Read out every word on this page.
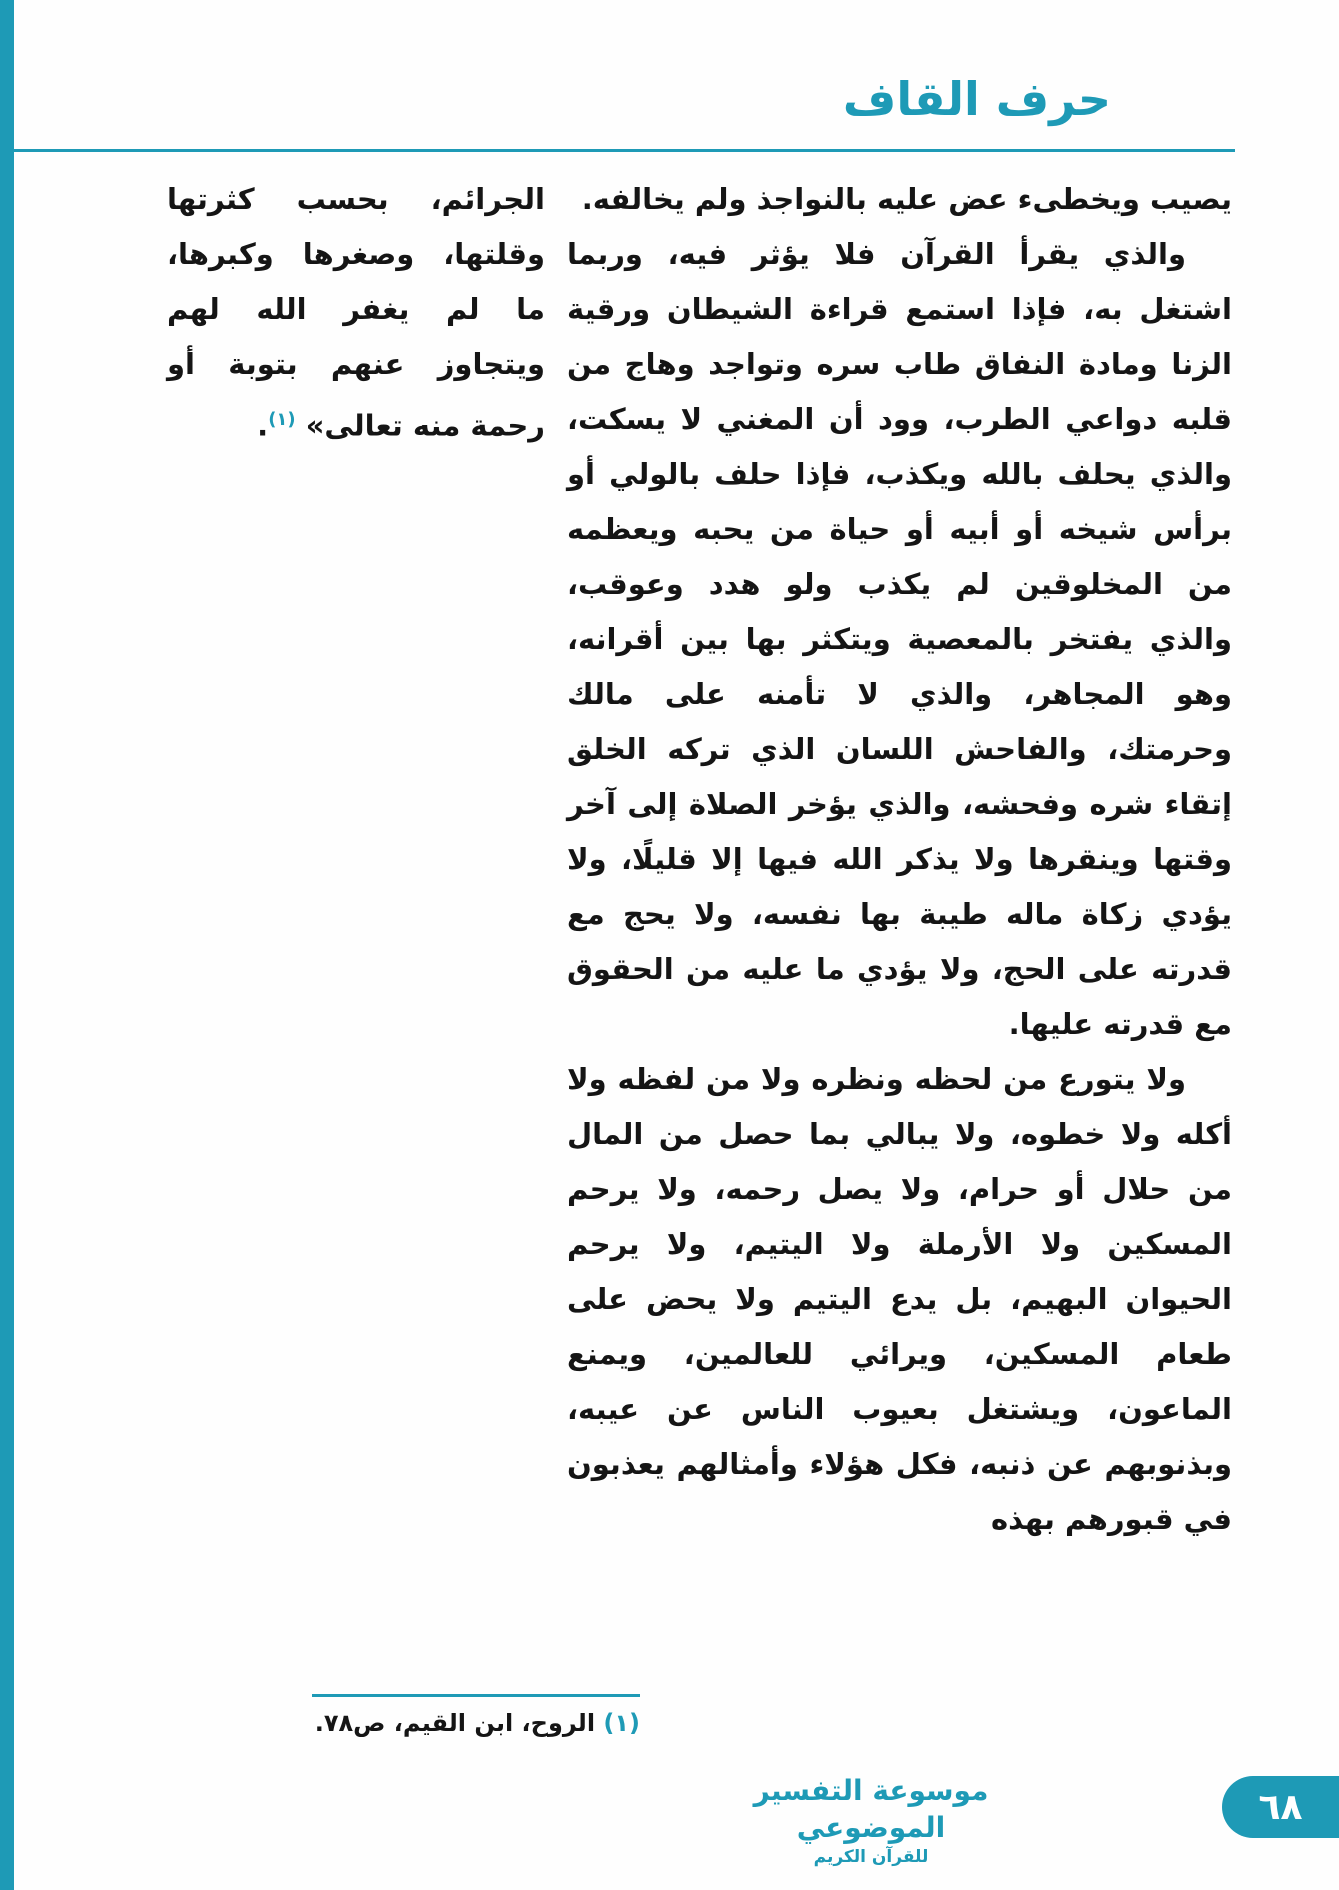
حرف القاف

يصيب ويخطىء عض عليه بالنواجذ ولم يخالفه.

والذي يقرأ القرآن فلا يؤثر فيه، وربما اشتغل به، فإذا استمع قراءة الشيطان ورقية الزنا ومادة النفاق طاب سره وتواجد وهاج من قلبه دواعي الطرب، وود أن المغني لا يسكت، والذي يحلف بالله ويكذب، فإذا حلف بالولي أو برأس شيخه أو أبيه أو حياة من يحبه ويعظمه من المخلوقين لم يكذب ولو هدد وعوقب، والذي يفتخر بالمعصية ويتكثر بها بين أقرانه، وهو المجاهر، والذي لا تأمنه على مالك وحرمتك، والفاحش اللسان الذي تركه الخلق إتقاء شره وفحشه، والذي يؤخر الصلاة إلى آخر وقتها وينقرها ولا يذكر الله فيها إلا قليلًا، ولا يؤدي زكاة ماله طيبة بها نفسه، ولا يحج مع قدرته على الحج، ولا يؤدي ما عليه من الحقوق مع قدرته عليها.

ولا يتورع من لحظه ونظره ولا من لفظه ولا أكله ولا خطوه، ولا يبالي بما حصل من المال من حلال أو حرام، ولا يصل رحمه، ولا يرحم المسكين ولا الأرملة ولا اليتيم، ولا يرحم الحيوان البهيم، بل يدع اليتيم ولا يحض على طعام المسكين، ويرائي للعالمين، ويمنع الماعون، ويشتغل بعيوب الناس عن عيبه، وبذنوبهم عن ذنبه، فكل هؤلاء وأمثالهم يعذبون في قبورهم بهذه

الجرائم، بحسب كثرتها وقلتها، وصغرها وكبرها، ما لم يغفر الله لهم ويتجاوز عنهم بتوبة أو رحمة منه تعالى» $^{(١)}$.

(١) الروح، ابن القيم، ص٧٨.

موسوعة التفسير الموضوعي
للقرآن الكريم
٦٨
